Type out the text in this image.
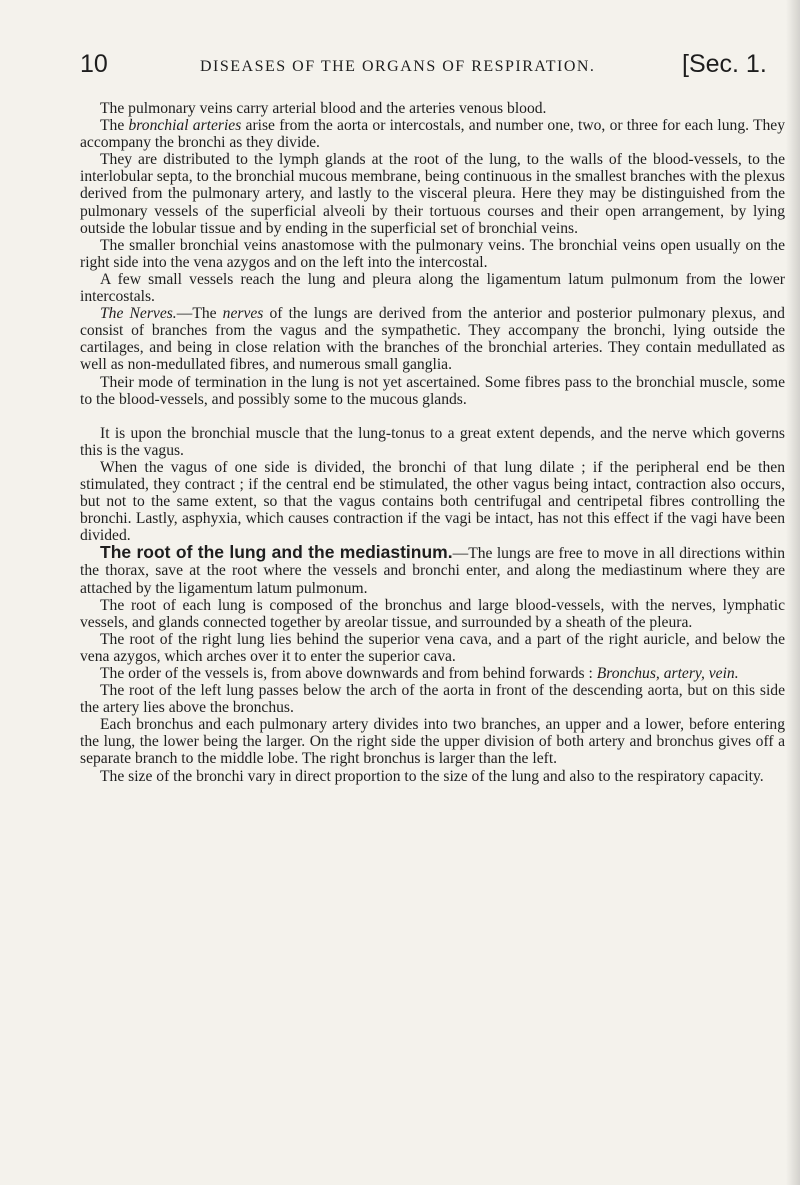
10	DISEASES OF THE ORGANS OF RESPIRATION.	[Sec. 1.

The pulmonary veins carry arterial blood and the arteries venous blood.

The bronchial arteries arise from the aorta or intercostals, and number one, two, or three for each lung. They accompany the bronchi as they divide.

They are distributed to the lymph glands at the root of the lung, to the walls of the blood-vessels, to the interlobular septa, to the bronchial mucous membrane, being continuous in the smallest branches with the plexus derived from the pulmonary artery, and lastly to the visceral pleura. Here they may be distinguished from the pulmonary vessels of the superficial alveoli by their tortuous courses and their open arrangement, by lying outside the lobular tissue and by ending in the superficial set of bronchial veins.

The smaller bronchial veins anastomose with the pulmonary veins. The bronchial veins open usually on the right side into the vena azygos and on the left into the intercostal.

A few small vessels reach the lung and pleura along the ligamentum latum pulmonum from the lower intercostals.

The Nerves.—The nerves of the lungs are derived from the anterior and posterior pulmonary plexus, and consist of branches from the vagus and the sympathetic. They accompany the bronchi, lying outside the cartilages, and being in close relation with the branches of the bronchial arteries. They contain medullated as well as non-medullated fibres, and numerous small ganglia.

Their mode of termination in the lung is not yet ascertained. Some fibres pass to the bronchial muscle, some to the blood-vessels, and possibly some to the mucous glands.

It is upon the bronchial muscle that the lung-tonus to a great extent depends, and the nerve which governs this is the vagus.

When the vagus of one side is divided, the bronchi of that lung dilate ; if the peripheral end be then stimulated, they contract ; if the central end be stimulated, the other vagus being intact, contraction also occurs, but not to the same extent, so that the vagus contains both centrifugal and centripetal fibres controlling the bronchi. Lastly, asphyxia, which causes contraction if the vagi be intact, has not this effect if the vagi have been divided.

The root of the lung and the mediastinum.—The lungs are free to move in all directions within the thorax, save at the root where the vessels and bronchi enter, and along the mediastinum where they are attached by the ligamentum latum pulmonum.

The root of each lung is composed of the bronchus and large blood-vessels, with the nerves, lymphatic vessels, and glands connected together by areolar tissue, and surrounded by a sheath of the pleura.

The root of the right lung lies behind the superior vena cava, and a part of the right auricle, and below the vena azygos, which arches over it to enter the superior cava.

The order of the vessels is, from above downwards and from behind forwards : Bronchus, artery, vein.

The root of the left lung passes below the arch of the aorta in front of the descending aorta, but on this side the artery lies above the bronchus.

Each bronchus and each pulmonary artery divides into two branches, an upper and a lower, before entering the lung, the lower being the larger. On the right side the upper division of both artery and bronchus gives off a separate branch to the middle lobe. The right bronchus is larger than the left.

The size of the bronchi vary in direct proportion to the size of the lung and also to the respiratory capacity.
